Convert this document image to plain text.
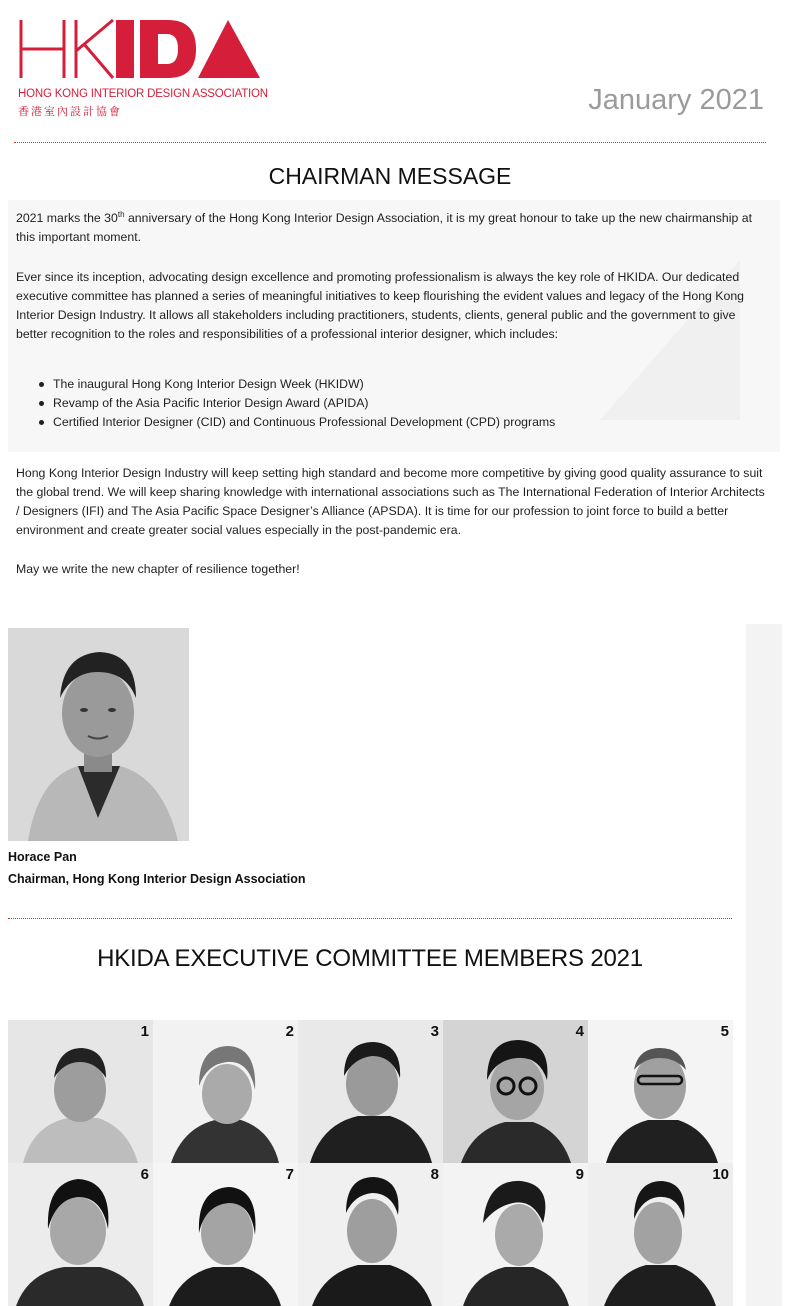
HONG KONG INTERIOR DESIGN ASSOCIATION
香港室內設計協會	January 2021
CHAIRMAN MESSAGE

2021 marks the 30th anniversary of the Hong Kong Interior Design Association, it is my great honour to take up the new chairmanship at this important moment.

Ever since its inception, advocating design excellence and promoting professionalism is always the key role of HKIDA. Our dedicated executive committee has planned a series of meaningful initiatives to keep flourishing the evident values and legacy of the Hong Kong Interior Design Industry. It allows all stakeholders including practitioners, students, clients, general public and the government to give better recognition to the roles and responsibilities of a professional interior designer, which includes:

The inaugural Hong Kong Interior Design Week (HKIDW)
Revamp of the Asia Pacific Interior Design Award (APIDA)
Certified Interior Designer (CID) and Continuous Professional Development (CPD) programs

Hong Kong Interior Design Industry will keep setting high standard and become more competitive by giving good quality assurance to suit the global trend. We will keep sharing knowledge with international associations such as The International Federation of Interior Architects / Designers (IFI) and The Asia Pacific Space Designer’s Alliance (APSDA). It is time for our profession to joint force to build a better environment and create greater social values especially in the post-pandemic era.

May we write the new chapter of resilience together!

Horace Pan
Chairman, Hong Kong Interior Design Association
HKIDA EXECUTIVE COMMITTEE MEMBERS 2021
1	2	3	4	5
6	7	8	9	10
